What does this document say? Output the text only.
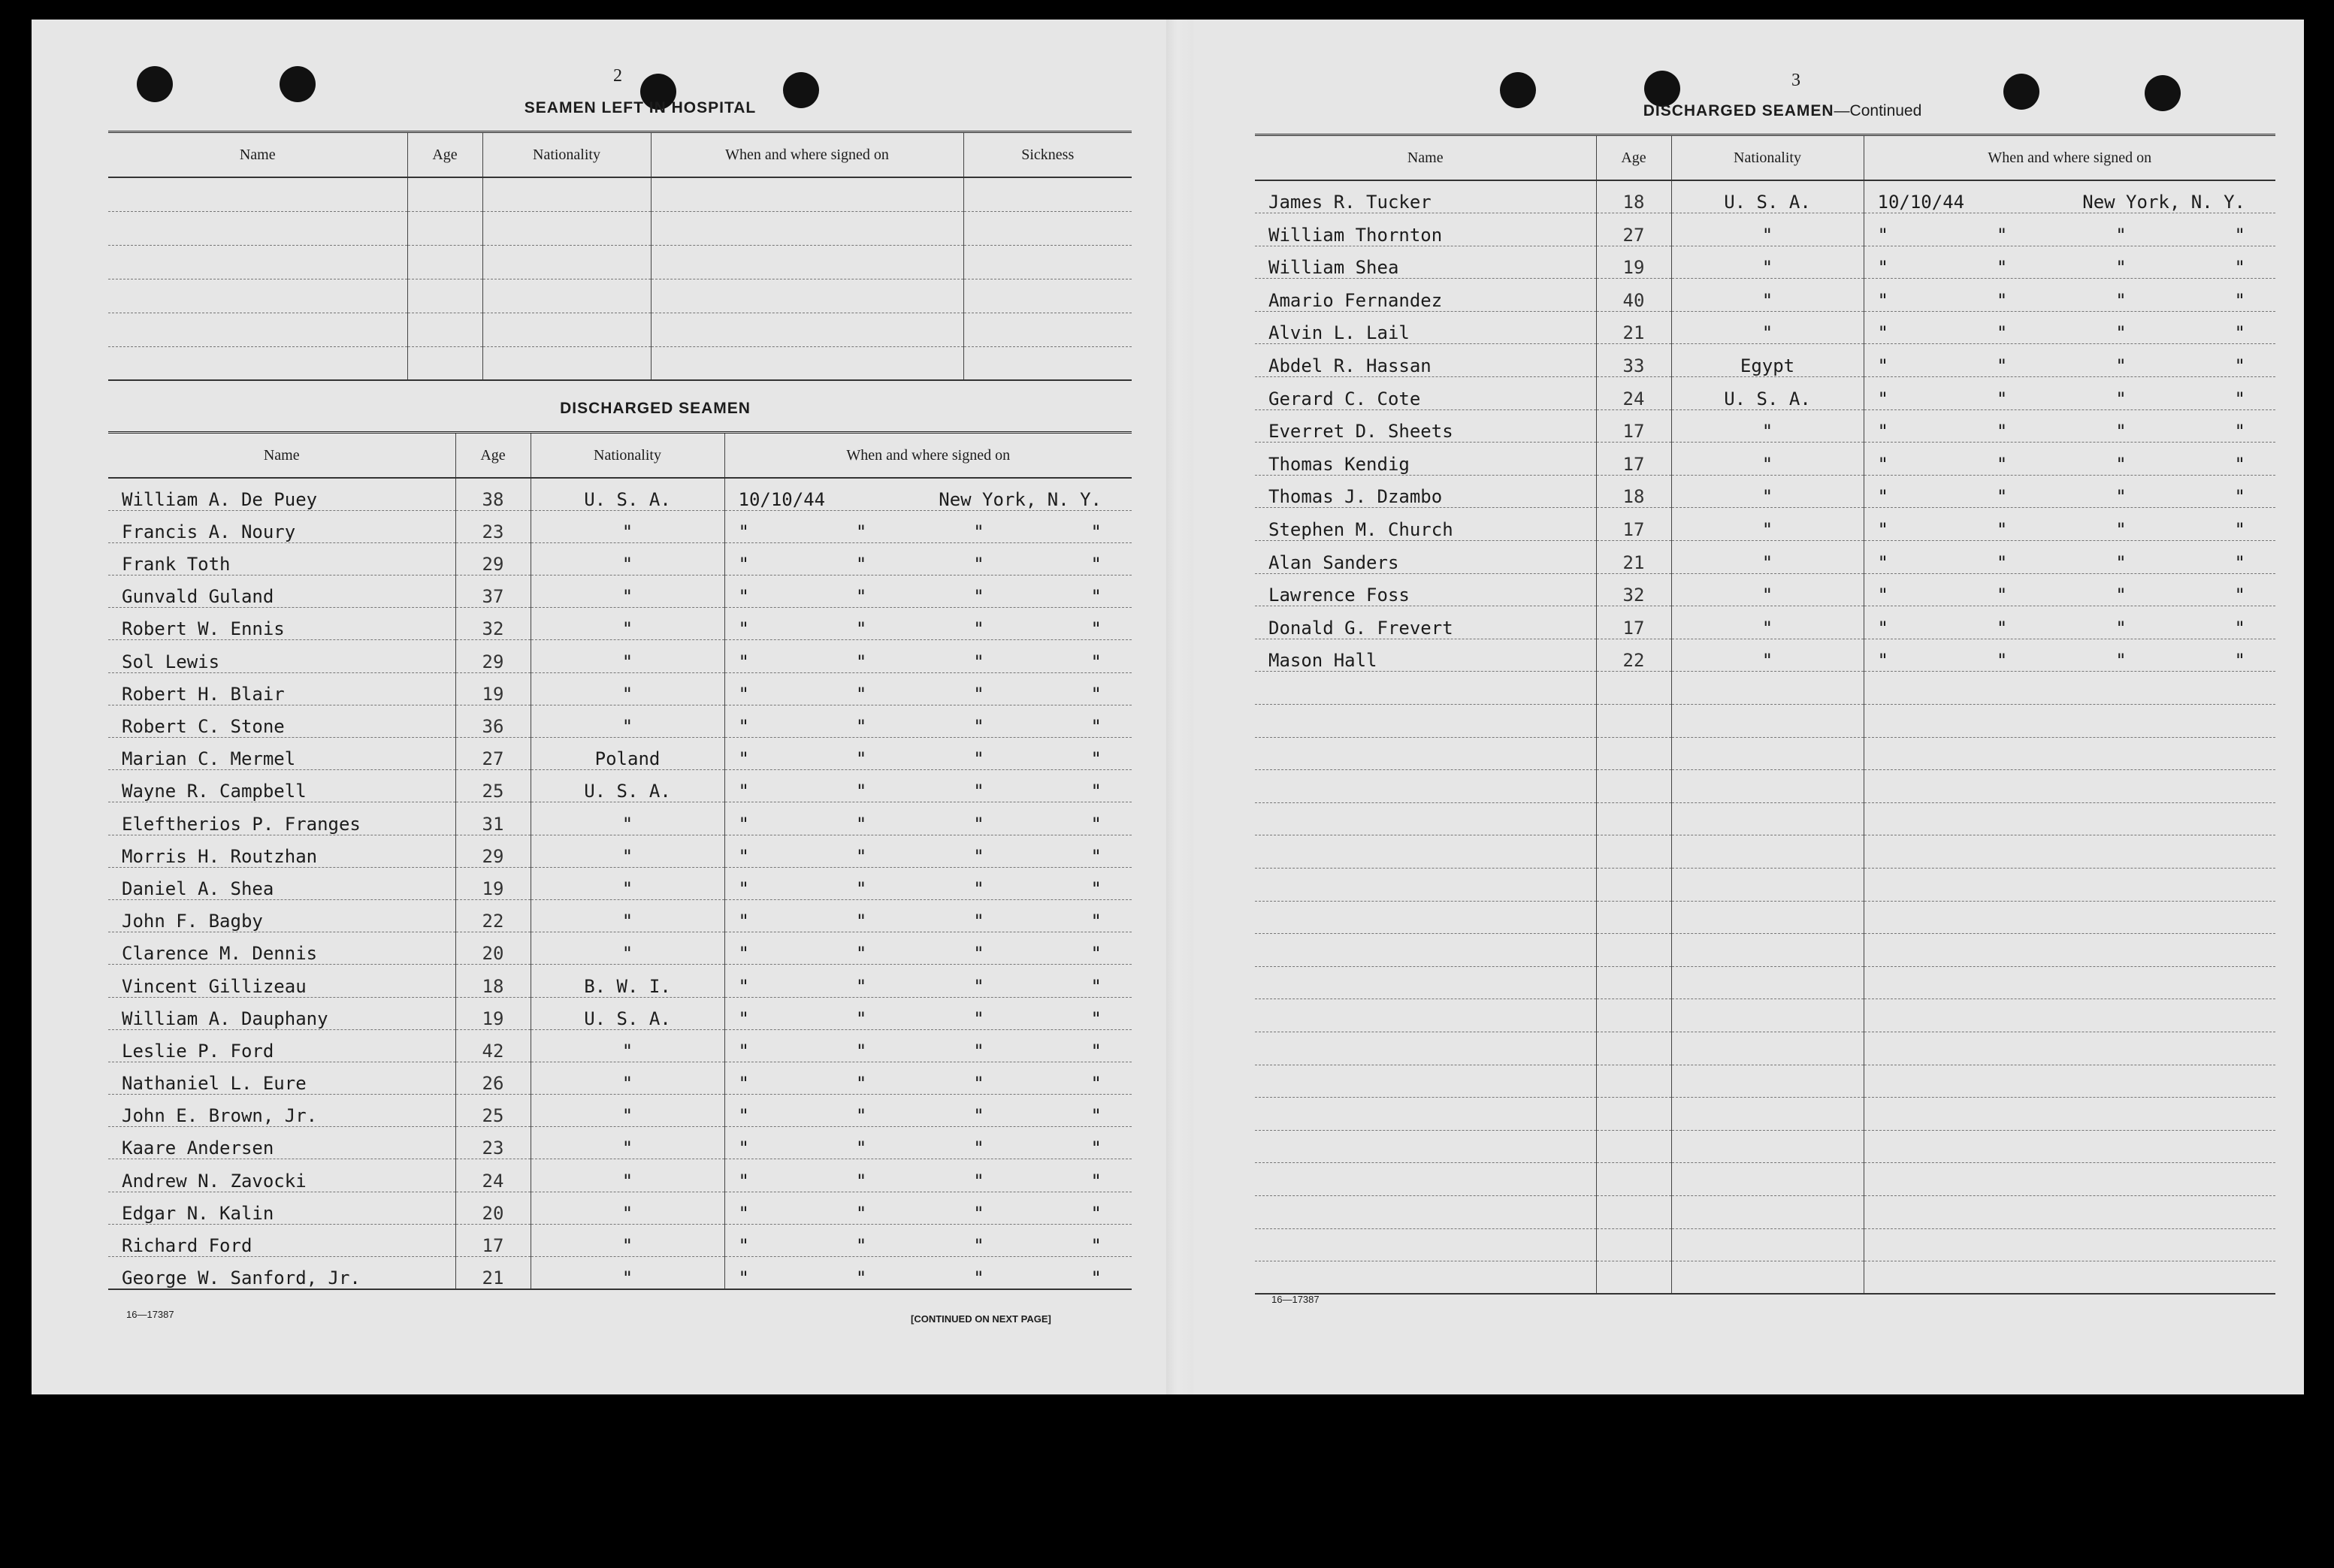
2
SEAMEN LEFT IN HOSPITAL
Name	Age	Nationality	When and where signed on	Sickness

DISCHARGED SEAMEN
Name	Age	Nationality	When and where signed on
William A. De Puey	38	U. S. A.	10/10/44 New York, N. Y.

Francis A. Noury	23	"	" " " "

Frank Toth	29	"	" " " "

Gunvald Guland	37	"	" " " "

Robert W. Ennis	32	"	" " " "

Sol Lewis	29	"	" " " "

Robert H. Blair	19	"	" " " "

Robert C. Stone	36	"	" " " "

Marian C. Mermel	27	Poland	" " " "

Wayne R. Campbell	25	U. S. A.	" " " "

Eleftherios P. Franges	31	"	" " " "

Morris H. Routzhan	29	"	" " " "

Daniel A. Shea	19	"	" " " "

John F. Bagby	22	"	" " " "

Clarence M. Dennis	20	"	" " " "

Vincent Gillizeau	18	B. W. I.	" " " "

William A. Dauphany	19	U. S. A.	" " " "

Leslie P. Ford	42	"	" " " "

Nathaniel L. Eure	26	"	" " " "

John E. Brown, Jr.	25	"	" " " "

Kaare Andersen	23	"	" " " "

Andrew N. Zavocki	24	"	" " " "

Edgar N. Kalin	20	"	" " " "

Richard Ford	17	"	" " " "

George W. Sanford, Jr.	21	"	" " " "
16—17387	[CONTINUED ON NEXT PAGE]
3
DISCHARGED SEAMEN—Continued
Name	Age	Nationality	When and where signed on
James R. Tucker	18	U. S. A.	10/10/44 New York, N. Y.

William Thornton	27	"	" " " "

William Shea	19	"	" " " "

Amario Fernandez	40	"	" " " "

Alvin L. Lail	21	"	" " " "

Abdel R. Hassan	33	Egypt	" " " "

Gerard C. Cote	24	U. S. A.	" " " "

Everret D. Sheets	17	"	" " " "

Thomas Kendig	17	"	" " " "

Thomas J. Dzambo	18	"	" " " "

Stephen M. Church	17	"	" " " "

Alan Sanders	21	"	" " " "

Lawrence Foss	32	"	" " " "

Donald G. Frevert	17	"	" " " "

Mason Hall	22	"	" " " "

16—17387
